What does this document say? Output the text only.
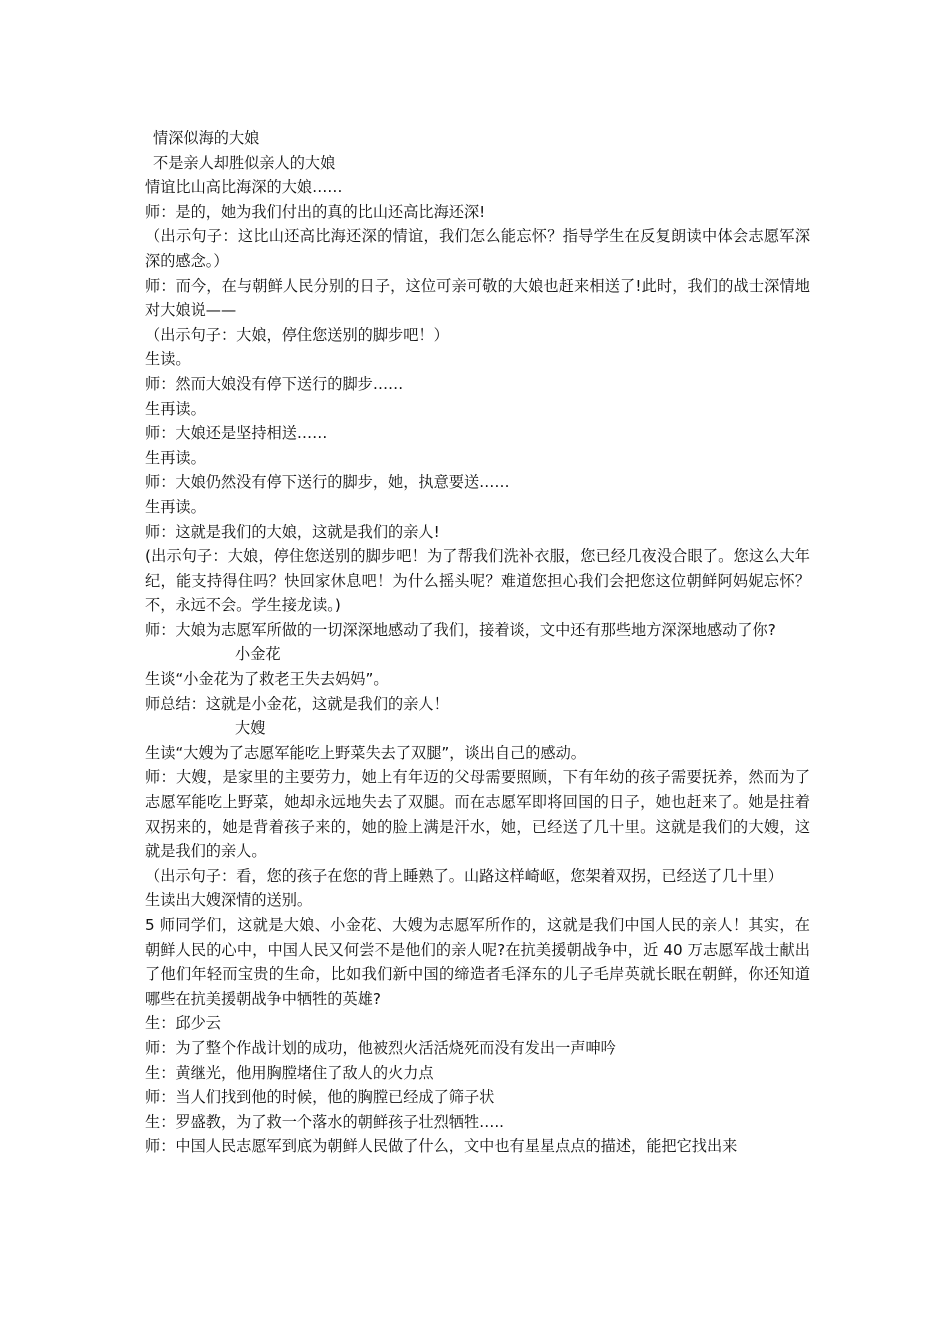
情深似海的大娘
不是亲人却胜似亲人的大娘
情谊比山高比海深的大娘……
师：是的，她为我们付出的真的比山还高比海还深!
（出示句子：这比山还高比海还深的情谊，我们怎么能忘怀？指导学生在反复朗读中体会志愿军深深的感念。）
师：而今，在与朝鲜人民分别的日子，这位可亲可敬的大娘也赶来相送了!此时，我们的战士深情地对大娘说——
（出示句子：大娘，停住您送别的脚步吧！）
生读。
师：然而大娘没有停下送行的脚步……
生再读。
师：大娘还是坚持相送……
生再读。
师：大娘仍然没有停下送行的脚步，她，执意要送……
生再读。
师：这就是我们的大娘，这就是我们的亲人!
(出示句子：大娘，停住您送别的脚步吧！为了帮我们洗补衣服，您已经几夜没合眼了。您这么大年纪，能支持得住吗？快回家休息吧！为什么摇头呢？难道您担心我们会把您这位朝鲜阿妈妮忘怀？不，永远不会。学生接龙读。)
师：大娘为志愿军所做的一切深深地感动了我们，接着谈，文中还有那些地方深深地感动了你?
小金花
生谈“小金花为了救老王失去妈妈”。
师总结：这就是小金花，这就是我们的亲人！
大嫂
生读“大嫂为了志愿军能吃上野菜失去了双腿”，谈出自己的感动。
师：大嫂，是家里的主要劳力，她上有年迈的父母需要照顾，下有年幼的孩子需要抚养，然而为了志愿军能吃上野菜，她却永远地失去了双腿。而在志愿军即将回国的日子，她也赶来了。她是拄着双拐来的，她是背着孩子来的，她的脸上满是汗水，她，已经送了几十里。这就是我们的大嫂，这就是我们的亲人。
（出示句子：看，您的孩子在您的背上睡熟了。山路这样崎岖，您架着双拐，已经送了几十里）
生读出大嫂深情的送别。
5 师同学们，这就是大娘、小金花、大嫂为志愿军所作的，这就是我们中国人民的亲人！其实，在朝鲜人民的心中，中国人民又何尝不是他们的亲人呢?在抗美援朝战争中，近 40 万志愿军战士献出了他们年轻而宝贵的生命，比如我们新中国的缔造者毛泽东的儿子毛岸英就长眠在朝鲜，你还知道哪些在抗美援朝战争中牺牲的英雄?
生：邱少云
师：为了整个作战计划的成功，他被烈火活活烧死而没有发出一声呻吟
生：黄继光，他用胸膛堵住了敌人的火力点
师：当人们找到他的时候，他的胸膛已经成了筛子状
生：罗盛教，为了救一个落水的朝鲜孩子壮烈牺牲…..
师：中国人民志愿军到底为朝鲜人民做了什么，文中也有星星点点的描述，能把它找出来
